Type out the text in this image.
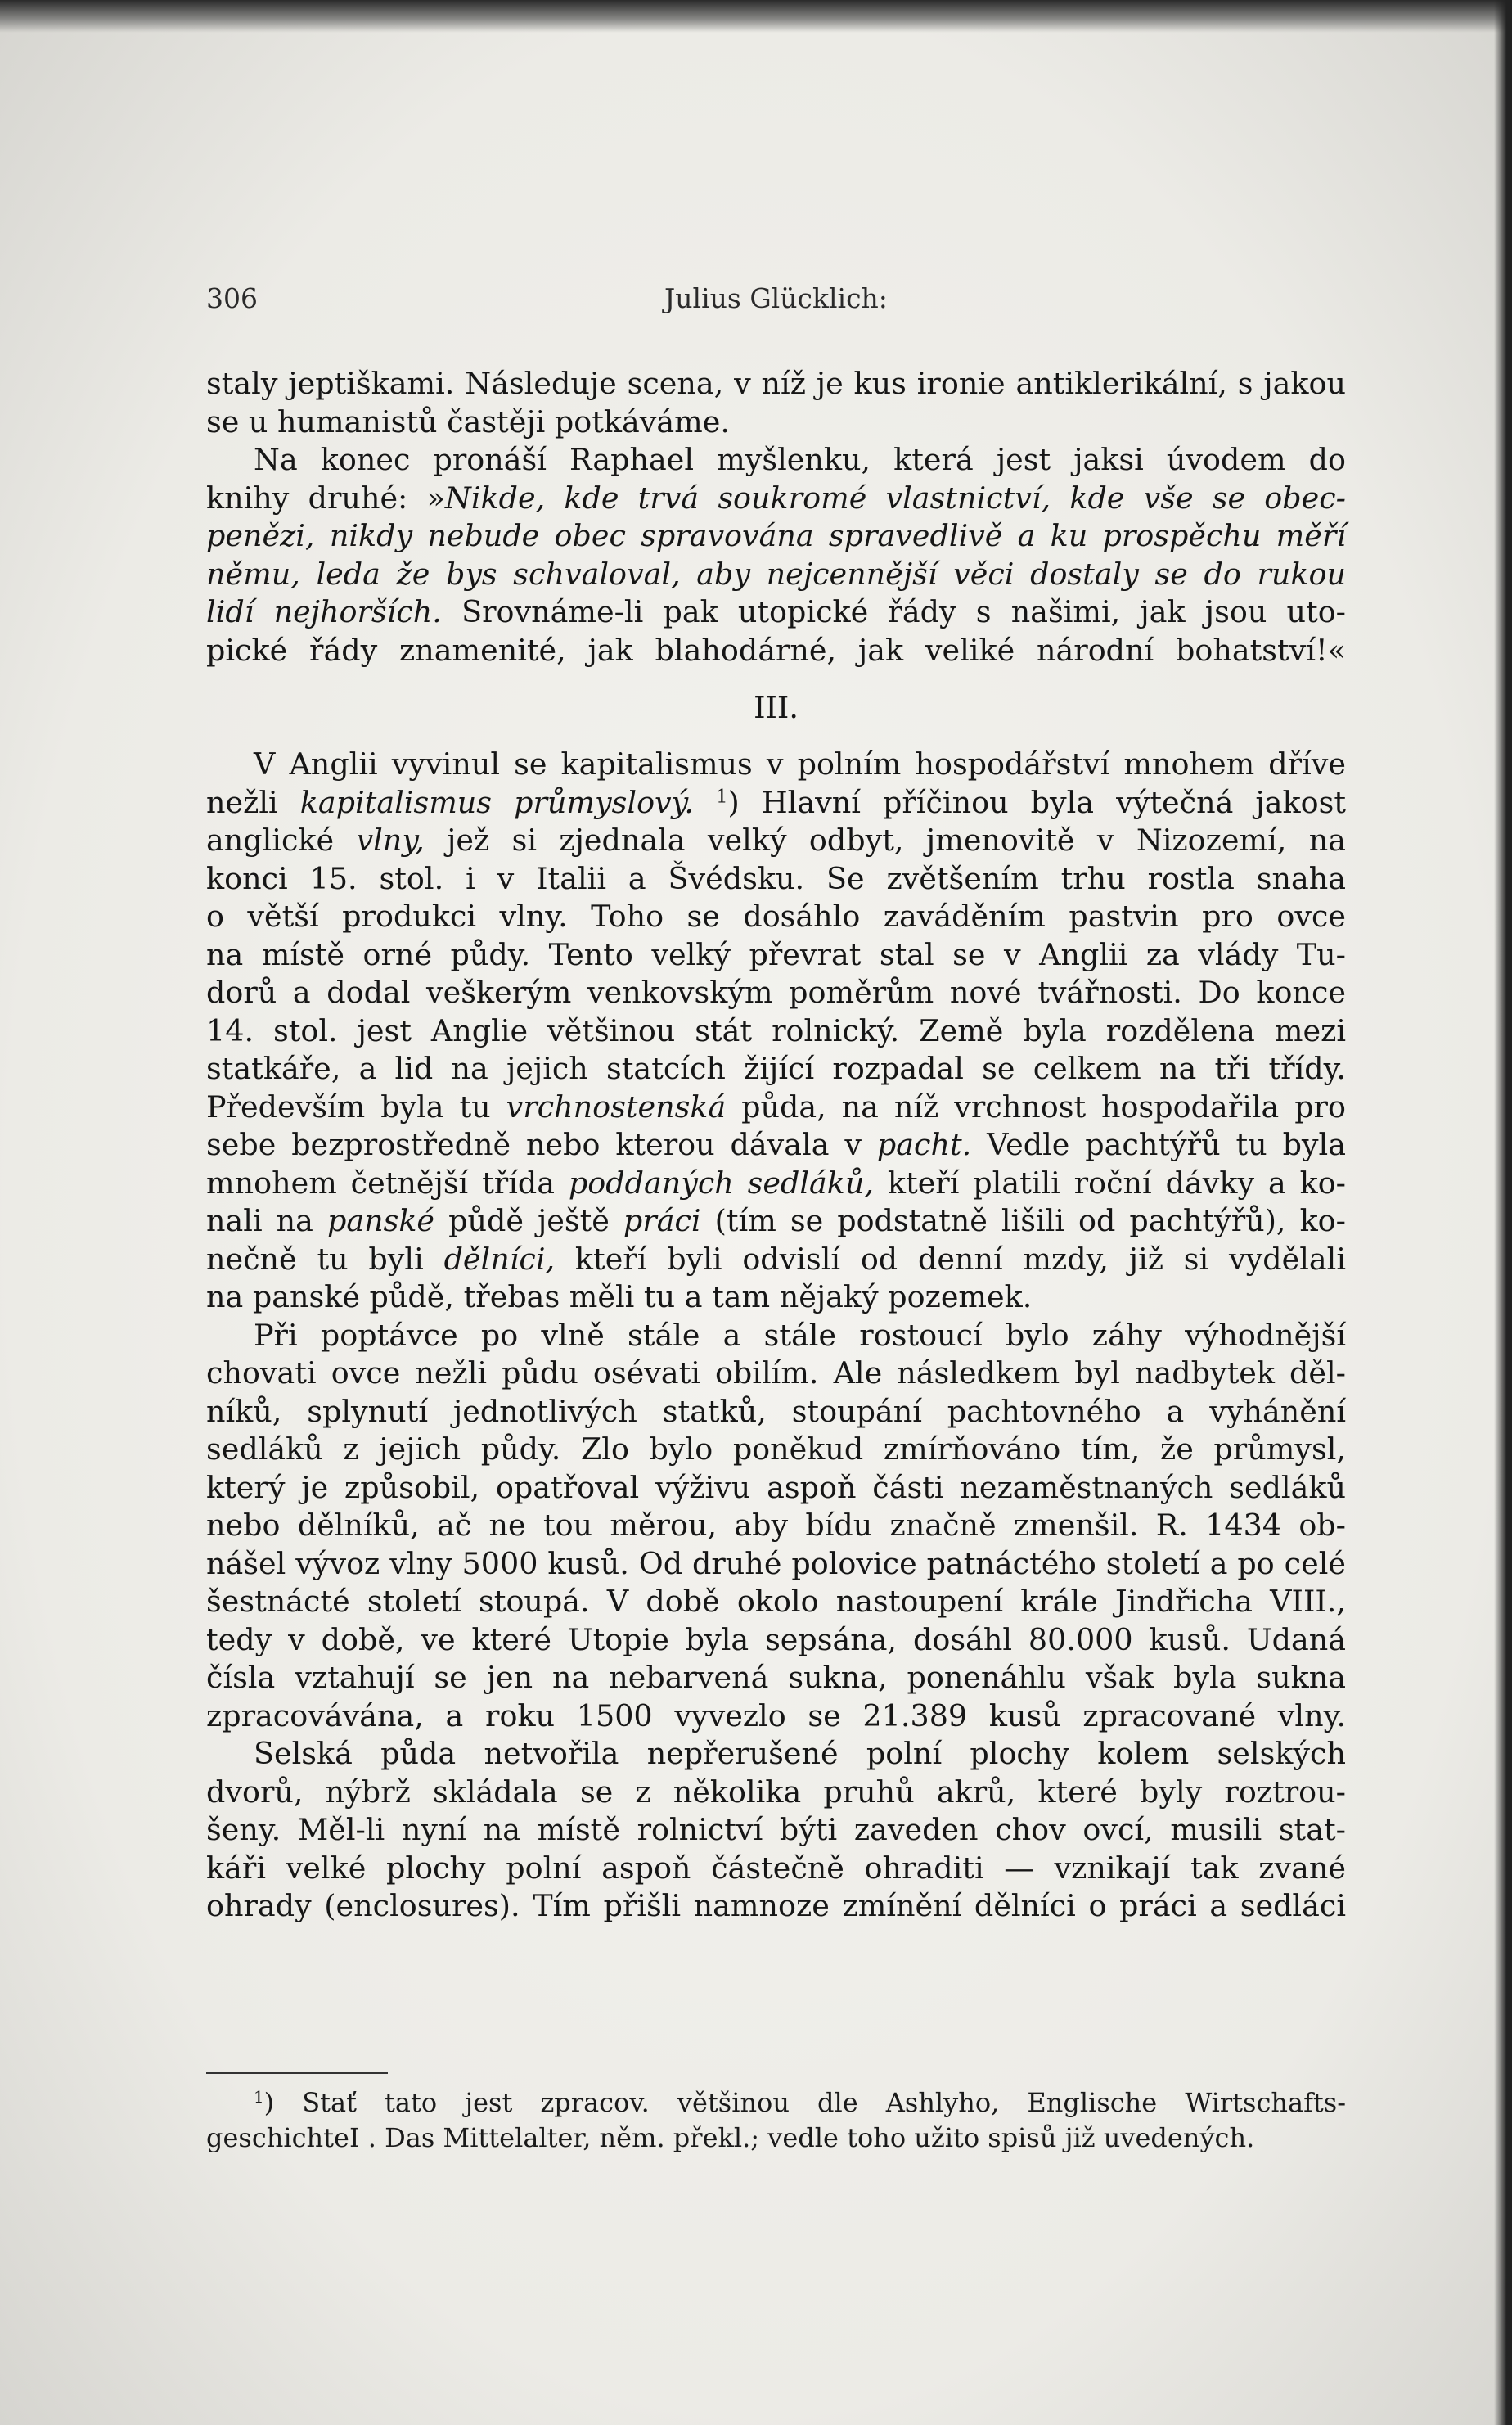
306	Julius Glücklich:
staly jeptiškami. Následuje scena, v níž je kus ironie antiklerikální, s jakou
se u humanistů častěji potkáváme.
Na konec pronáší Raphael myšlenku, která jest jaksi úvodem do
knihy druhé: »Nikde, kde trvá soukromé vlastnictví, kde vše se obec-
penězi, nikdy nebude obec spravována spravedlivě a ku prospěchu měří
němu, leda že bys schvaloval, aby nejcennější věci dostaly se do rukou
lidí nejhorších. Srovnáme-li pak utopické řády s našimi, jak jsou uto-
pické řády znamenité, jak blahodárné, jak veliké národní bohatství!«
III.
V Anglii vyvinul se kapitalismus v polním hospodářství mnohem dříve
nežli kapitalismus průmyslový. $^1$) Hlavní příčinou byla výtečná jakost
anglické vlny, jež si zjednala velký odbyt, jmenovitě v Nizozemí, na
konci 15. stol. i v Italii a Švédsku. Se zvětšením trhu rostla snaha
o větší produkci vlny. Toho se dosáhlo zaváděním pastvin pro ovce
na místě orné půdy. Tento velký převrat stal se v Anglii za vlády Tu-
dorů a dodal veškerým venkovským poměrům nové tvářnosti. Do konce
14. stol. jest Anglie většinou stát rolnický. Země byla rozdělena mezi
statkáře, a lid na jejich statcích žijící rozpadal se celkem na tři třídy.
Především byla tu vrchnostenská půda, na níž vrchnost hospodařila pro
sebe bezprostředně nebo kterou dávala v pacht. Vedle pachtýřů tu byla
mnohem četnější třída poddaných sedláků, kteří platili roční dávky a ko-
nali na panské půdě ještě práci (tím se podstatně lišili od pachtýřů), ko-
nečně tu byli dělníci, kteří byli odvislí od denní mzdy, již si vydělali
na panské půdě, třebas měli tu a tam nějaký pozemek.
Při poptávce po vlně stále a stále rostoucí bylo záhy výhodnější
chovati ovce nežli půdu osévati obilím. Ale následkem byl nadbytek děl-
níků, splynutí jednotlivých statků, stoupání pachtovného a vyhánění
sedláků z jejich půdy. Zlo bylo poněkud zmírňováno tím, že průmysl,
který je způsobil, opatřoval výživu aspoň části nezaměstnaných sedláků
nebo dělníků, ač ne tou měrou, aby bídu značně zmenšil. R. 1434 ob-
nášel vývoz vlny 5000 kusů. Od druhé polovice patnáctého století a po celé
šestnácté století stoupá. V době okolo nastoupení krále Jindřicha VIII.,
tedy v době, ve které Utopie byla sepsána, dosáhl 80.000 kusů. Udaná
čísla vztahují se jen na nebarvená sukna, ponenáhlu však byla sukna
zpracovávána, a roku 1500 vyvezlo se 21.389 kusů zpracované vlny.
Selská půda netvořila nepřerušené polní plochy kolem selských
dvorů, nýbrž skládala se z několika pruhů akrů, které byly roztrou-
šeny. Měl-li nyní na místě rolnictví býti zaveden chov ovcí, musili stat-
káři velké plochy polní aspoň částečně ohraditi — vznikají tak zvané
ohrady (enclosures). Tím přišli namnoze zmínění dělníci o práci a sedláci
$^1$) Stať tato jest zpracov. většinou dle Ashlyho, Englische Wirtschafts-
geschichteI . Das Mittelalter, něm. překl.; vedle toho užito spisů již uvedených.
